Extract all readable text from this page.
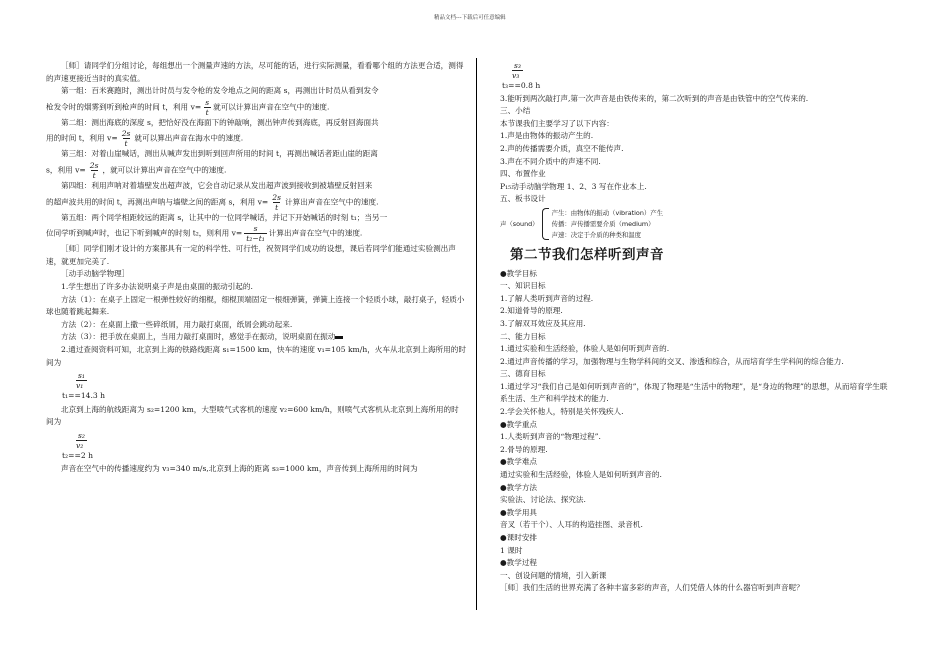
精品文档---下载后可任意编辑

［师］请同学们分组讨论，每组想出一个测量声速的方法，尽可能的话，进行实际测量，看看哪个组的方法更合适，测得的声速更接近当时的真实值。

第一组：百米赛跑时，测出计时员与发令枪的发令地点之间的距离 s，再测出计时员从看到发令

枪发令时的烟雾到听到枪声的时间 t，利用 $v= \frac{s}{t}$ 就可以计算出声音在空气中的速度.

第二组：测出海底的深度 s，把恰好没在海面下的钟敲响，测出钟声传到海底，再反射回海面共

用的时间 t，利用 $v= \frac{2s}{t}$ 就可以算出声音在海水中的速度.

第三组：对着山崖喊话，测出从喊声发出到听到回声所用的时间 t，再测出喊话者距山崖的距离

s，利用 $v= \frac{2s}{t}$ ，就可以计算出声音在空气中的速度.

第四组：利用声呐对着墙壁发出超声波，它会自动记录从发出超声波到接收到被墙壁反射回来

的超声波共用的时间 t，再测出声呐与墙壁之间的距离 s，利用 $v= \frac{2s}{t}$ 计算出声音在空气中的速度.

第五组：两个同学相距较远的距离 s，让其中的一位同学喊话，并记下开始喊话的时刻 t₁；当另一

位同学听到喊声时，也记下听到喊声的时刻 t₂，则利用 $v= \frac{s}{\text{t₂−t₁}}$ 计算出声音在空气中的速度.

［师］同学们刚才设计的方案都具有一定的科学性、可行性，祝贺同学们成功的设想，课后若同学们能通过实验测出声速，就更加完美了.

［动手动脑学物理］

1.学生想出了许多办法说明桌子声是由桌面的振动引起的.

方法（1）：在桌子上固定一根弹性较好的细棍，细棍顶端固定一根细弹簧，弹簧上连接一个轻质小球，敲打桌子，轻质小球也随着跳起舞来.

方法（2）：在桌面上撒一些碎纸屑，用力敲打桌面，纸屑会跳动起来.

方法（3）：把手放在桌面上，当用力敲打桌面时，感觉手在振动，说明桌面在振动

2.通过查阅资料可知，北京到上海的铁路线距离 s₁=1500 km，快车的速度 v₁=105 km/h，火车从北京到上海所用的时间为

$\frac{\text{s₁}}{\text{v₁}}$
t₁==14.3 h

北京到上海的航线距离为 s₂=1200 km，大型喷气式客机的速度 v₂=600 km/h，则喷气式客机从北京到上海所用的时间为

$\frac{\text{s₂}}{\text{v₂}}$
t₂==2 h

声音在空气中的传播速度约为 v₃=340 m/s,北京到上海的距离 s₃=1000 km，声音传到上海所用的时间为

$\frac{\text{s₃}}{\text{v₃}}$
t₃==0.8 h

3.能听到两次敲打声,第一次声音是由铁传来的，第二次听到的声音是由铁管中的空气传来的.

三、小结

本节课我们主要学习了以下内容：

1.声是由物体的振动产生的.

2.声的传播需要介质，真空不能传声.

3.声在不同介质中的声速不同.

四、布置作业

P₁₅动手动脑学物理 1、2、3 写在作业本上.

五、板书设计

声（sound）
产生：由物体的振动（vibration）产生
传播：声传播需要介质（medium）
声速：决定于介质的种类和温度
第二节我们怎样听到声音

●教学目标

一、知识目标

1.了解人类听到声音的过程.

2.知道骨导的原理.

3.了解双耳效应及其应用.

二、能力目标

1.通过实验和生活经验，体验人是如何听到声音的.

2.通过声音传播的学习，加强物理与生物学科间的交叉、渗透和综合，从而培育学生学科间的综合能力.

三、德育目标

1.通过学习“我们自己是如何听到声音的”，体现了物理是“生活中的物理”，是“身边的物理”的思想，从而培育学生联系生活、生产和科学技术的能力.

2.学会关怀他人，特别是关怀残疾人.

●教学重点

1.人类听到声音的“物理过程”.

2.骨导的原理.

●教学难点

通过实验和生活经验，体验人是如何听到声音的.

●教学方法

实验法、讨论法、探究法.

●教学用具

音叉（若干个）、人耳的构造挂图、录音机.

●课时安排

1 课时

●教学过程

一、创设问题的情境，引入新课

［师］我们生活的世界充满了各种丰富多彩的声音，人们凭借人体的什么器官听到声音呢？
